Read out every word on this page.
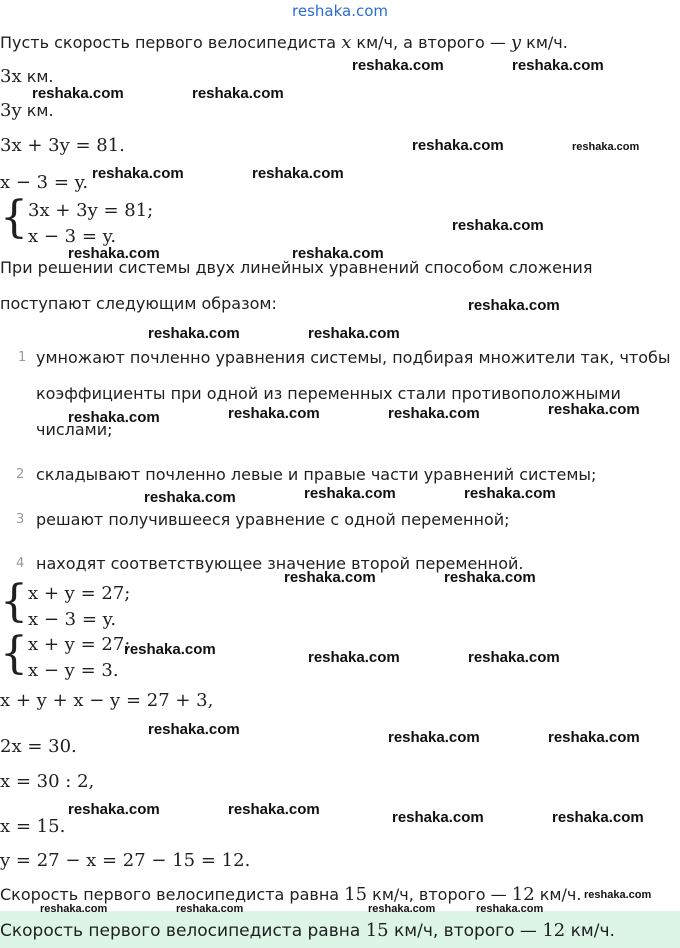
reshaka.com
Пусть скорость первого велосипедиста x км/ч, а второго — y км/ч.
3x км.
3y км.
3x + 3y = 81.
x − 3 = y.
{ 3x + 3y = 81;
x − 3 = y.
При решении системы двух линейных уравнений способом сложения
поступают следующим образом:
1 умножают почленно уравнения системы, подбирая множители так, чтобы
коэффициенты при одной из переменных стали противоположными
числами;
2 складывают почленно левые и правые части уравнений системы;
3 решают получившееся уравнение с одной переменной;
4 находят соответствующее значение второй переменной.
{ x + y = 27;
x − 3 = y.
{ x + y = 27;
x − y = 3.
x + y + x − y = 27 + 3,
2x = 30.
x = 30 : 2,
x = 15.
y = 27 − x = 27 − 15 = 12.
Скорость первого велосипедиста равна 15 км/ч, второго — 12 км/ч.
Скорость первого велосипедиста равна 15 км/ч, второго — 12 км/ч.
reshaka.com	reshaka.com
reshaka.com	reshaka.com
reshaka.com	reshaka.com
reshaka.com	reshaka.com
reshaka.com
reshaka.com	reshaka.com
reshaka.com
reshaka.com	reshaka.com
reshaka.com
reshaka.com	reshaka.com
reshaka.com
reshaka.com	reshaka.com
reshaka.com
reshaka.com	reshaka.com
reshaka.com	reshaka.com	reshaka.com
reshaka.com	reshaka.com	reshaka.com
reshaka.com	reshaka.com	reshaka.com	reshaka.com
reshaka.com
reshaka.com	reshaka.com	reshaka.com	reshaka.com
